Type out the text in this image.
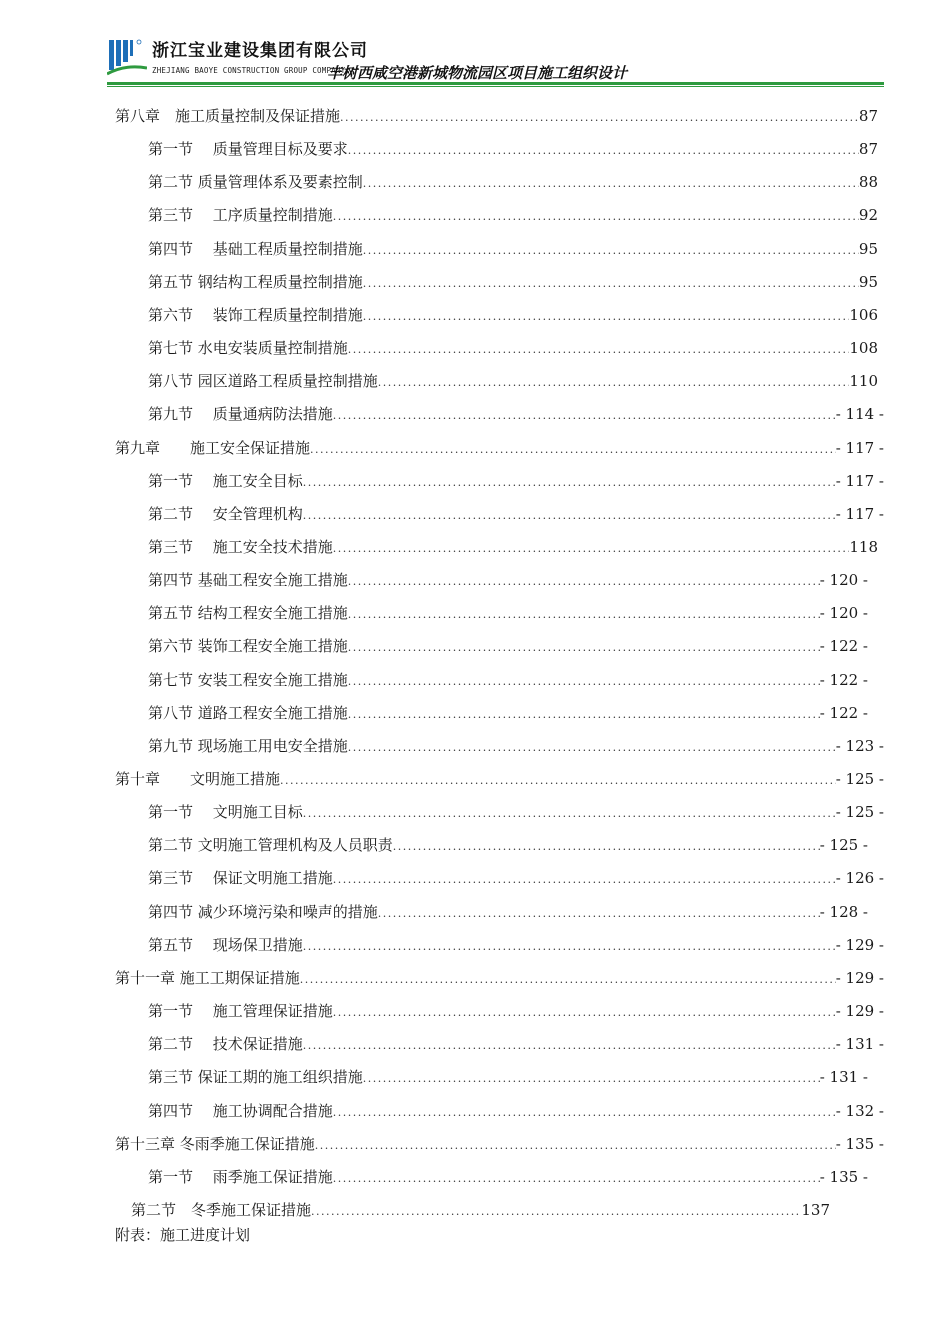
浙江宝业建设集团有限公司
ZHEJIANG BAOYE CONSTRUCTION GROUP COMPANY
丰树西咸空港新城物流园区项目施工组织设计
第八章　施工质量控制及保证措施 .....	87
第一节　 质量管理目标及要求 .....	87
第二节 质量管理体系及要素控制 .....	88
第三节　 工序质量控制措施 .....	92
第四节　 基础工程质量控制措施 .....	95
第五节 钢结构工程质量控制措施 .....	95
第六节　 装饰工程质量控制措施 .....	106
第七节 水电安装质量控制措施 .....	108
第八节 园区道路工程质量控制措施 .....	110
第九节　 质量通病防法措施 .....	- 114 -
第九章　　施工安全保证措施 .....	- 117 -
第一节　 施工安全目标 .....	- 117 -
第二节　 安全管理机构 .....	- 117 -
第三节　 施工安全技术措施 .....	118
第四节 基础工程安全施工措施 .....	- 120 -
第五节 结构工程安全施工措施 .....	- 120 -
第六节 装饰工程安全施工措施 .....	- 122 -
第七节 安装工程安全施工措施 .....	- 122 -
第八节 道路工程安全施工措施 .....	- 122 -
第九节 现场施工用电安全措施 .....	- 123 -
第十章　　文明施工措施 .....	- 125 -
第一节　 文明施工目标 .....	- 125 -
第二节 文明施工管理机构及人员职责 .....	- 125 -
第三节　 保证文明施工措施 .....	- 126 -
第四节 减少环境污染和噪声的措施 .....	- 128 -
第五节　 现场保卫措施 .....	- 129 -
第十一章 施工工期保证措施 .....	- 129 -
第一节　 施工管理保证措施 .....	- 129 -
第二节　 技术保证措施 .....	- 131 -
第三节 保证工期的施工组织措施 .....	- 131 -
第四节　 施工协调配合措施 .....	- 132 -
第十三章 冬雨季施工保证措施 .....	- 135 -
第一节　 雨季施工保证措施 .....	- 135 -
第二节　冬季施工保证措施 .....	137
附表：施工进度计划
